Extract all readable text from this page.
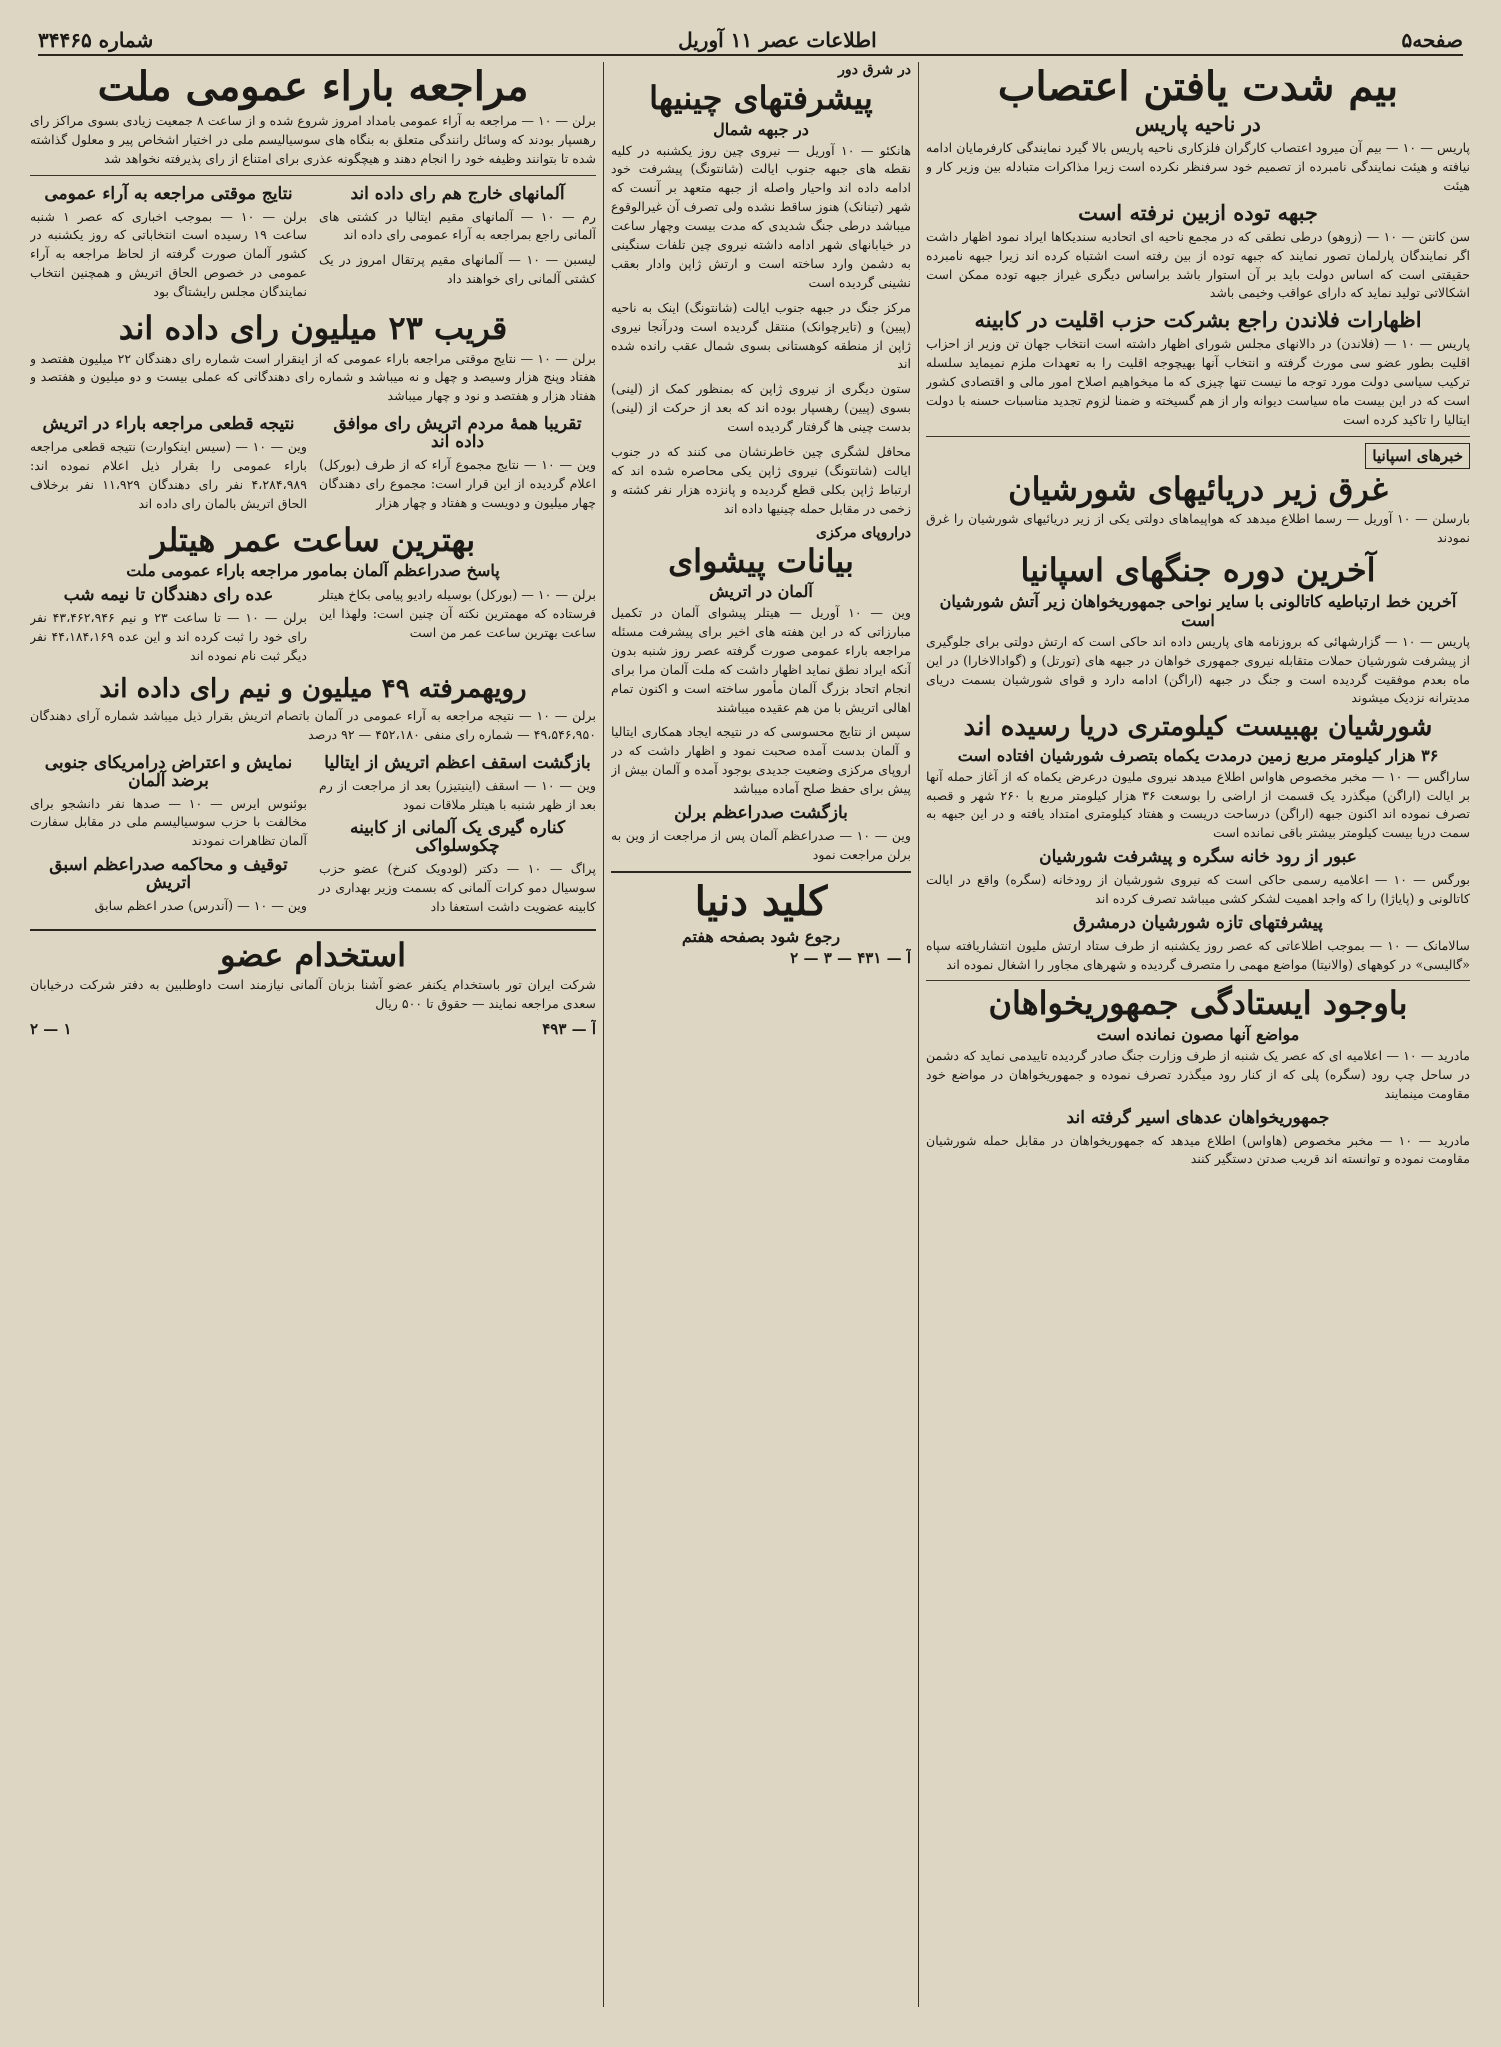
صفحه۵
اطلاعات عصر ۱۱ آوریل
شماره ۳۴۴۶۵
بیم شدت یافتن اعتصاب
در ناحیه پاریس
پاریس — ۱۰ — بیم آن میرود اعتصاب کارگران فلزکاری ناحیه پاریس بالا گیرد نمایندگی کارفرمایان ادامه نیافته و هیئت نمایندگی نامبرده از تصمیم خود سرفنظر نکرده است زیرا مذاکرات متبادله بین وزیر کار و هیئت
جبهه توده ازبین نرفته است
سن کانتن — ۱۰ — (زوهو) درطی نطقی که در مجمع ناحیه ای اتحادیه سندیکاها ایراد نمود اظهار داشت اگر نمایندگان پارلمان تصور نمایند که جبهه توده از بین رفته است اشتباه کرده اند زیرا جبهه نامبرده حقیقتی است که اساس دولت باید بر آن استوار باشد براساس دیگری غیراز جبهه توده ممکن است اشکالاتی تولید نماید که دارای عواقب وخیمی باشد
اظهارات فلاندن راجع بشرکت حزب اقلیت در کابینه
پاریس — ۱۰ — (فلاندن) در دالانهای مجلس شورای اظهار داشته است انتخاب جهان تن وزیر از احزاب اقلیت بطور عضو سی مورث گرفته و انتخاب آنها بهیچوجه اقلیت را به تعهدات ملزم نمیماید سلسله ترکیب سیاسی دولت مورد توجه ما نیست تنها چیزی که ما میخواهیم اصلاح امور مالی و اقتصادی کشور است که در این بیست ماه سیاست دیوانه وار از هم گسیخته و ضمنا لزوم تجدید مناسبات حسنه با دولت ایتالیا را تاکید کرده است
خبرهای اسپانیا
غرق زیر دریائیهای شورشیان
بارسلن — ۱۰ آوریل — رسما اطلاع میدهد که هواپیماهای دولتی یکی از زیر دریائیهای شورشیان را غرق نمودند
آخرین دوره جنگهای اسپانیا
آخرین خط ارتباطیه کاتالونی با سایر نواحی جمهوریخواهان زیر آتش شورشیان است
پاریس — ۱۰ — گزارشهائی که بروزنامه های پاریس داده اند حاکی است که ارتش دولتی برای جلوگیری از پیشرفت شورشیان حملات متقابله نیروی جمهوری خواهان در جبهه های (تورتل) و (گوادالاخارا) در این ماه بعدم موفقیت گردیده است و جنگ در جبهه (اراگن) ادامه دارد و قوای شورشیان بسمت دریای مدیترانه نزدیک میشوند
شورشیان بهبیست کیلومتری دریا رسیده اند
۳۶ هزار کیلومتر مربع زمین درمدت یکماه بتصرف شورشیان افتاده است
ساراگس — ۱۰ — مخبر مخصوص هاواس اطلاع میدهد نیروی ملیون درعرض یکماه که از آغاز حمله آنها بر ایالت (اراگن) میگذرد یک قسمت از اراضی را بوسعت ۳۶ هزار کیلومتر مربع با ۲۶۰ شهر و قصبه تصرف نموده اند اکنون جبهه (اراگن) درساحت دریست و هفتاد کیلومتری امتداد یافته و در این جبهه به سمت دریا بیست کیلومتر بیشتر باقی نمانده است
عبور از رود خانه سگره و پیشرفت شورشیان
بورگس — ۱۰ — اعلامیه رسمی حاکی است که نیروی شورشیان از رودخانه (سگره) واقع در ایالت کاتالونی و (پایاژا) را که واجد اهمیت لشکر کشی میباشد تصرف کرده اند
پیشرفتهای تازه شورشیان درمشرق
سالامانک — ۱۰ — بموجب اطلاعاتی که عصر روز یکشنبه از طرف ستاد ارتش ملیون انتشاریافته سپاه «گالیسی» در کوههای (والانیتا) مواضع مهمی را متصرف گردیده و شهرهای مجاور را اشغال نموده اند
باوجود ایستادگی جمهوریخواهان
مواضع آنها مصون نمانده است
مادرید — ۱۰ — اعلامیه ای که عصر یک شنبه از طرف وزارت جنگ صادر گردیده تاییدمی نماید که دشمن در ساحل چپ رود (سگره) پلی که از کنار رود میگذرد تصرف نموده و جمهوریخواهان در مواضع خود مقاومت مینمایند
جمهوریخواهان عدهای اسیر گرفته اند
مادرید — ۱۰ — مخبر مخصوص (هاواس) اطلاع میدهد که جمهوریخواهان در مقابل حمله شورشیان مقاومت نموده و توانسته اند قریب صدتن دستگیر کنند
در شرق دور
پیشرفتهای چینیها
در جبهه شمال
هانکئو — ۱۰ آوریل — نیروی چین روز یکشنبه در کلیه نقطه های جبهه جنوب ایالت (شانتونگ) پیشرفت خود ادامه داده اند واحیار واصله از جبهه متعهد بر آنست که شهر (تینانک) هنوز ساقط نشده ولی تصرف آن غیرالوقوع میباشد درطی جنگ شدیدی که مدت بیست وچهار ساعت در خیابانهای شهر ادامه داشته نیروی چین تلفات سنگینی به دشمن وارد ساخته است و ارتش ژاپن وادار بعقب نشینی گردیده است
مرکز جنگ در جبهه جنوب ایالت (شانتونگ) اینک به ناحیه (پیین) و (تایرچوانک) منتقل گردیده است ودرآنجا نیروی ژاپن از منطقه کوهستانی بسوی شمال عقب رانده شده اند
ستون دیگری از نیروی ژاپن که بمنظور کمک از (لینی) بسوی (پیین) رهسپار بوده اند که بعد از حرکت از (لینی) بدست چینی ها گرفتار گردیده است
محافل لشگری چین خاطرنشان می کنند که در جنوب ایالت (شانتونگ) نیروی ژاپن یکی محاصره شده اند که ارتباط ژاپن بکلی قطع گردیده و پانزده هزار نفر کشته و زخمی در مقابل حمله چینیها داده اند
دراروپای مرکزی
بیانات پیشوای
آلمان در اتریش
وین — ۱۰ آوریل — هیتلر پیشوای آلمان در تکمیل مبارزاتی که در این هفته های اخیر برای پیشرفت مسئله مراجعه باراء عمومی صورت گرفته عصر روز شنبه بدون آنکه ایراد نطق نماید اظهار داشت که ملت آلمان مرا برای انجام اتحاد بزرگ آلمان مأمور ساخته است و اکنون تمام اهالی اتریش با من هم عقیده میباشند
سپس از نتایج محسوسی که در نتیجه ایجاد همکاری ایتالیا و آلمان بدست آمده صحبت نمود و اظهار داشت که در اروپای مرکزی وضعیت جدیدی بوجود آمده و آلمان بیش از پیش برای حفظ صلح آماده میباشد
بازگشت صدراعظم برلن
وین — ۱۰ — صدراعظم آلمان پس از مراجعت از وین به برلن مراجعت نمود
کلید دنیا
رجوع شود بصفحه هفتم
آ — ۴۳۱ — ۳ — ۲
مراجعه باراء عمومی ملت
برلن — ۱۰ — مراجعه به آراء عمومی بامداد امروز شروع شده و از ساعت ۸ جمعیت زیادی بسوی مراکز رای رهسپار بودند که وسائل رانندگی متعلق به بنگاه های سوسیالیسم ملی در اختیار اشخاص پیر و معلول گذاشته شده تا بتوانند وظیفه خود را انجام دهند و هیچگونه عذری برای امتناع از رای پذیرفته نخواهد شد
آلمانهای خارج هم رای داده اند
رم — ۱۰ — آلمانهای مقیم ایتالیا در کشتی های آلمانی راجع بمراجعه به آراء عمومی رای داده اند
لیسبن — ۱۰ — آلمانهای مقیم پرتقال امروز در یک کشتی آلمانی رای خواهند داد
نتایج موقتی مراجعه به آراء عمومی
برلن — ۱۰ — بموجب اخباری که عصر ۱ شنبه ساعت ۱۹ رسیده است انتخاباتی که روز یکشنبه در کشور آلمان صورت گرفته از لحاظ مراجعه به آراء عمومی در خصوص الحاق اتریش و همچنین انتخاب نمایندگان مجلس رایشتاگ بود
قریب ۲۳ میلیون رای داده اند
برلن — ۱۰ — نتایج موقتی مراجعه باراء عمومی که از اینقرار است شماره رای دهندگان ۲۲ میلیون هفتصد و هفتاد وپنج هزار وسیصد و چهل و نه میباشد و شماره رای دهندگانی که عملی بیست و دو میلیون و هفتصد و هفتاد هزار و هفتصد و نود و چهار میباشد
تقریبا همهٔ مردم اتریش رای موافق داده اند
وین — ۱۰ — نتایج مجموع آراء که از طرف (بورکل) اعلام گردیده از این قرار است: مجموع رای دهندگان چهار میلیون و دویست و هفتاد و چهار هزار
نتیجه قطعی مراجعه باراء در اتریش
وین — ۱۰ — (سیس اینکوارت) نتیجه قطعی مراجعه باراء عمومی را بقرار ذیل اعلام نموده اند: ۴،۲۸۴،۹۸۹ نفر رای دهندگان ۱۱،۹۲۹ نفر برخلاف الحاق اتریش بالمان رای داده اند
بهترین ساعت عمر هیتلر
پاسخ صدراعظم آلمان بمامور مراجعه باراء عمومی ملت
برلن — ۱۰ — (بورکل) بوسیله رادیو پیامی بکاخ هیتلر فرستاده که مهمترین نکته آن چنین است: ولهذا این ساعت بهترین ساعت عمر من است
عده رای دهندگان تا نیمه شب
برلن — ۱۰ — تا ساعت ۲۳ و نیم ۴۳،۴۶۲،۹۴۶ نفر رای خود را ثبت کرده اند و این عده ۴۴،۱۸۴،۱۶۹ نفر دیگر ثبت نام نموده اند
رویهمرفته ۴۹ میلیون و نیم رای داده اند
برلن — ۱۰ — نتیجه مراجعه به آراء عمومی در آلمان باتصام اتریش بقرار ذیل میباشد شماره آرای دهندگان ۴۹،۵۴۶،۹۵۰ — شماره رای منفی ۴۵۲،۱۸۰ — ۹۲ درصد
بازگشت اسقف اعظم اتریش از ایتالیا
وین — ۱۰ — اسقف (اینیتیزر) بعد از مراجعت از رم بعد از ظهر شنبه با هیتلر ملاقات نمود
کناره گیری یک آلمانی از کابینه چکوسلواکی
پراگ — ۱۰ — دکتر (لودویک کنرخ) عضو حزب سوسیال دمو کرات آلمانی که بسمت وزیر بهداری در کابینه عضویت داشت استعفا داد
نمایش و اعتراض درامریکای جنوبی برضد آلمان
بوئنوس ایرس — ۱۰ — صدها نفر دانشجو برای مخالفت با حزب سوسیالیسم ملی در مقابل سفارت آلمان تظاهرات نمودند
توقیف و محاکمه صدراعظم اسبق اتریش
وین — ۱۰ — (آندرس) صدر اعظم سابق
استخدام عضو
شرکت ایران تور باستخدام یکنفر عضو آشنا بزبان آلمانی نیازمند است داوطلبین به دفتر شرکت درخیابان سعدی مراجعه نمایند — حقوق تا ۵۰۰ ریال
آ — ۴۹۳
۱ — ۲
